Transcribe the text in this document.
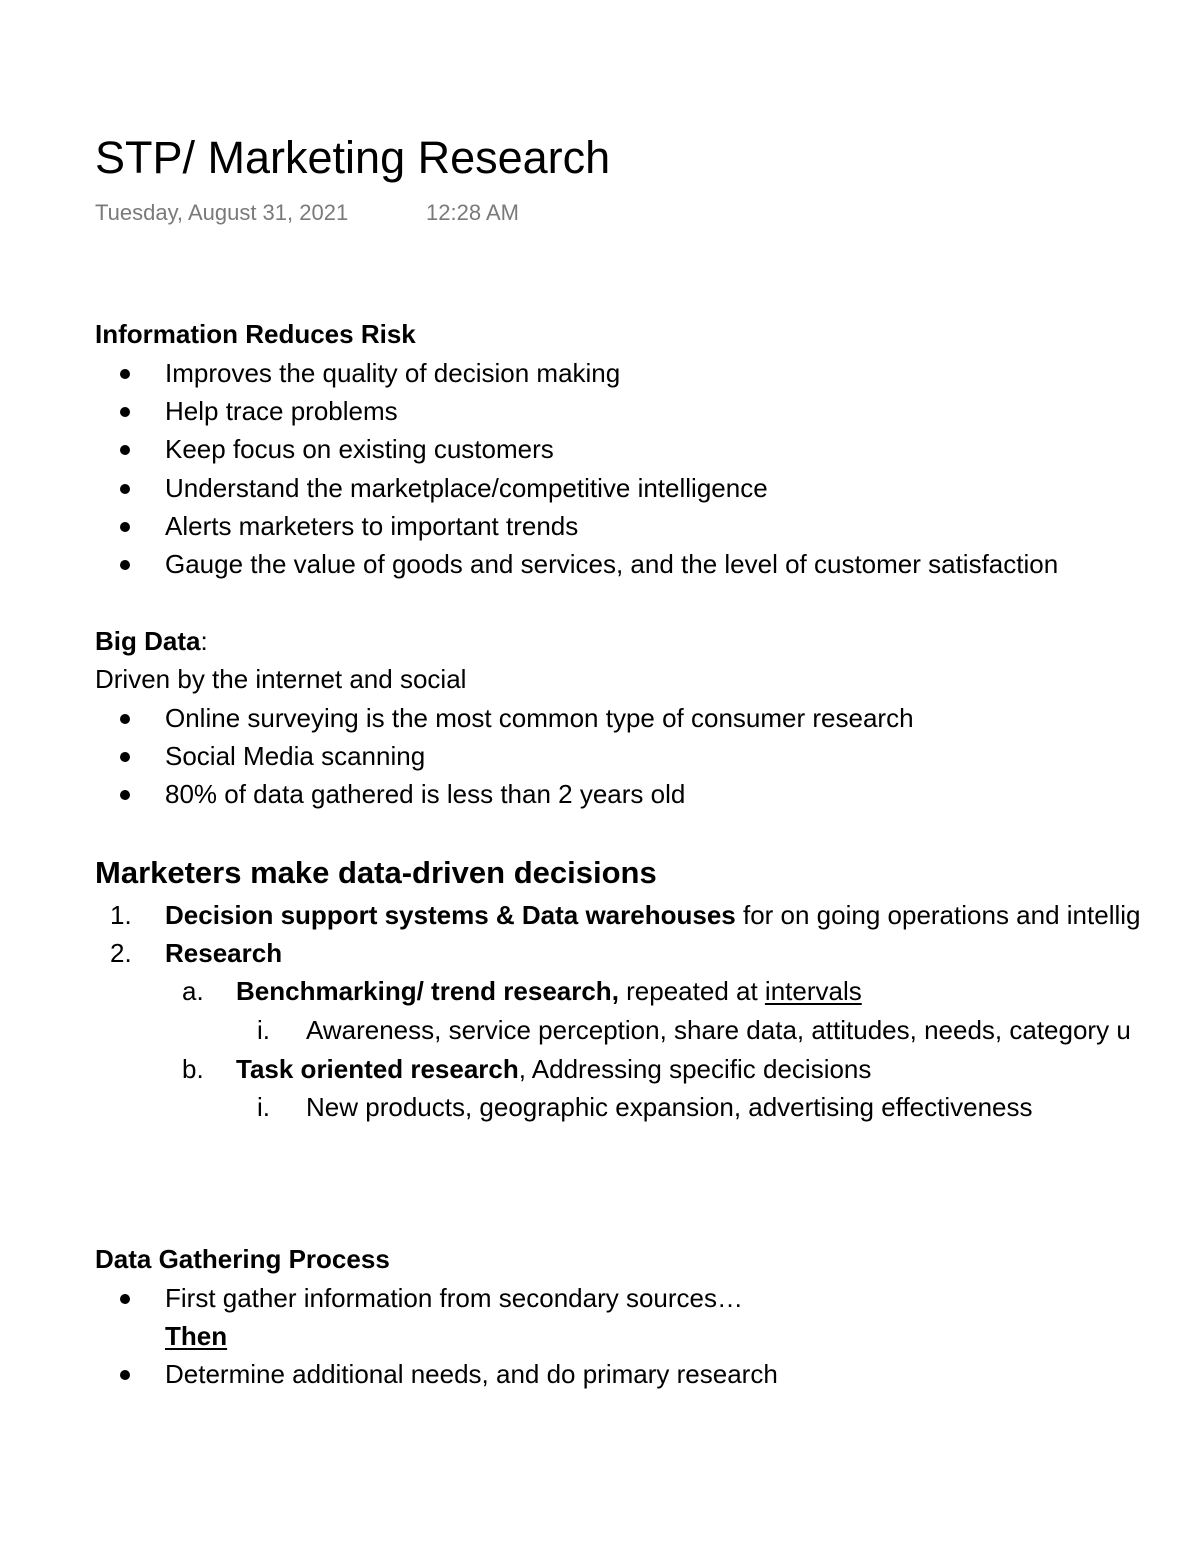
STP/ Marketing Research
Tuesday, August 31, 2021	12:28 AM
Information Reduces Risk
Improves the quality of decision making
Help trace problems
Keep focus on existing customers
Understand the marketplace/competitive intelligence
Alerts marketers to important trends
Gauge the value of goods and services, and the level of customer satisfaction
Big Data:
Driven by the internet and social
Online surveying is the most common type of consumer research
Social Media scanning
80% of data gathered is less than 2 years old
Marketers make data-driven decisions
1. Decision support systems & Data warehouses for on going operations and intellig
2. Research
a. Benchmarking/ trend research, repeated at intervals
i. Awareness, service perception, share data, attitudes, needs, category u
b. Task oriented research, Addressing specific decisions
i. New products, geographic expansion, advertising effectiveness
Data Gathering Process
First gather information from secondary sources…
Then
Determine additional needs, and do primary research
